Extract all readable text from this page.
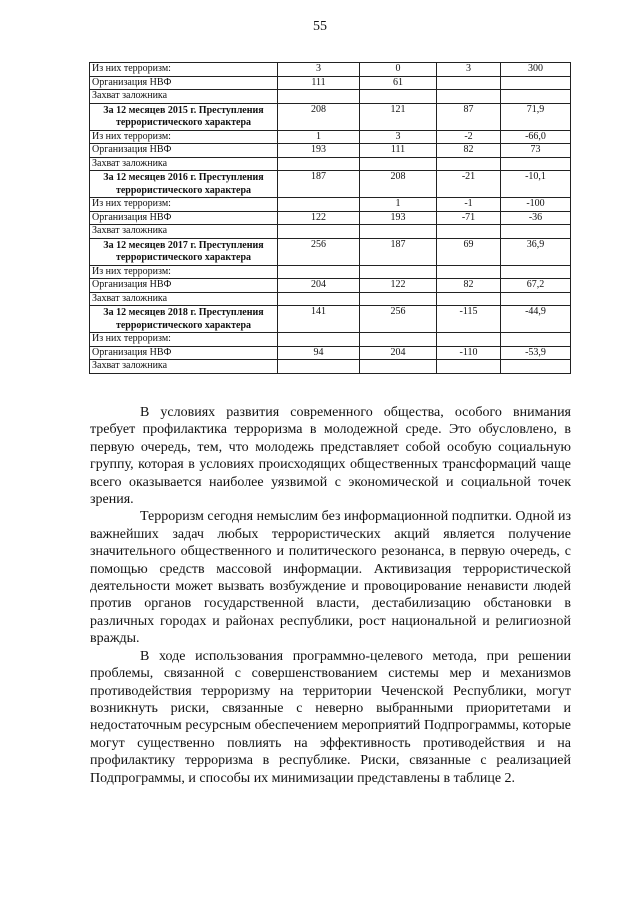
55
Из них терроризм:	3	0	3	300
Организация НВФ	111	61		
Захват заложника				
За 12 месяцев 2015 г. Преступления террористического характера	208	121	87	71,9
Из них терроризм:	1	3	-2	-66,0
Организация НВФ	193	111	82	73
Захват заложника				
За 12 месяцев 2016 г. Преступления террористического характера	187	208	-21	-10,1
Из них терроризм:		1	-1	-100
Организация НВФ	122	193	-71	-36
Захват заложника				
За 12 месяцев 2017 г. Преступления террористического характера	256	187	69	36,9
Из них терроризм:				
Организация НВФ	204	122	82	67,2
Захват заложника				
За 12 месяцев 2018 г. Преступления террористического характера	141	256	-115	-44,9
Из них терроризм:				
Организация НВФ	94	204	-110	-53,9
Захват заложника				

В условиях развития современного общества, особого внимания требует профилактика терроризма в молодежной среде. Это обусловлено, в первую очередь, тем, что молодежь представляет собой особую социальную группу, которая в условиях происходящих общественных трансформаций чаще всего оказывается наиболее уязвимой с экономической и социальной точек зрения.

Терроризм сегодня немыслим без информационной подпитки. Одной из важнейших задач любых террористических акций является получение значительного общественного и политического резонанса, в первую очередь, с помощью средств массовой информации. Активизация террористической деятельности может вызвать возбуждение и провоцирование ненависти людей против органов государственной власти, дестабилизацию обстановки в различных городах и районах республики, рост национальной и религиозной вражды.

В ходе использования программно-целевого метода, при решении проблемы, связанной с совершенствованием системы мер и механизмов противодействия терроризму на территории Чеченской Республики, могут возникнуть риски, связанные с неверно выбранными приоритетами и недостаточным ресурсным обеспечением мероприятий Подпрограммы, которые могут существенно повлиять на эффективность противодействия и на профилактику терроризма в республике. Риски, связанные с реализацией Подпрограммы, и способы их минимизации представлены в таблице 2.
